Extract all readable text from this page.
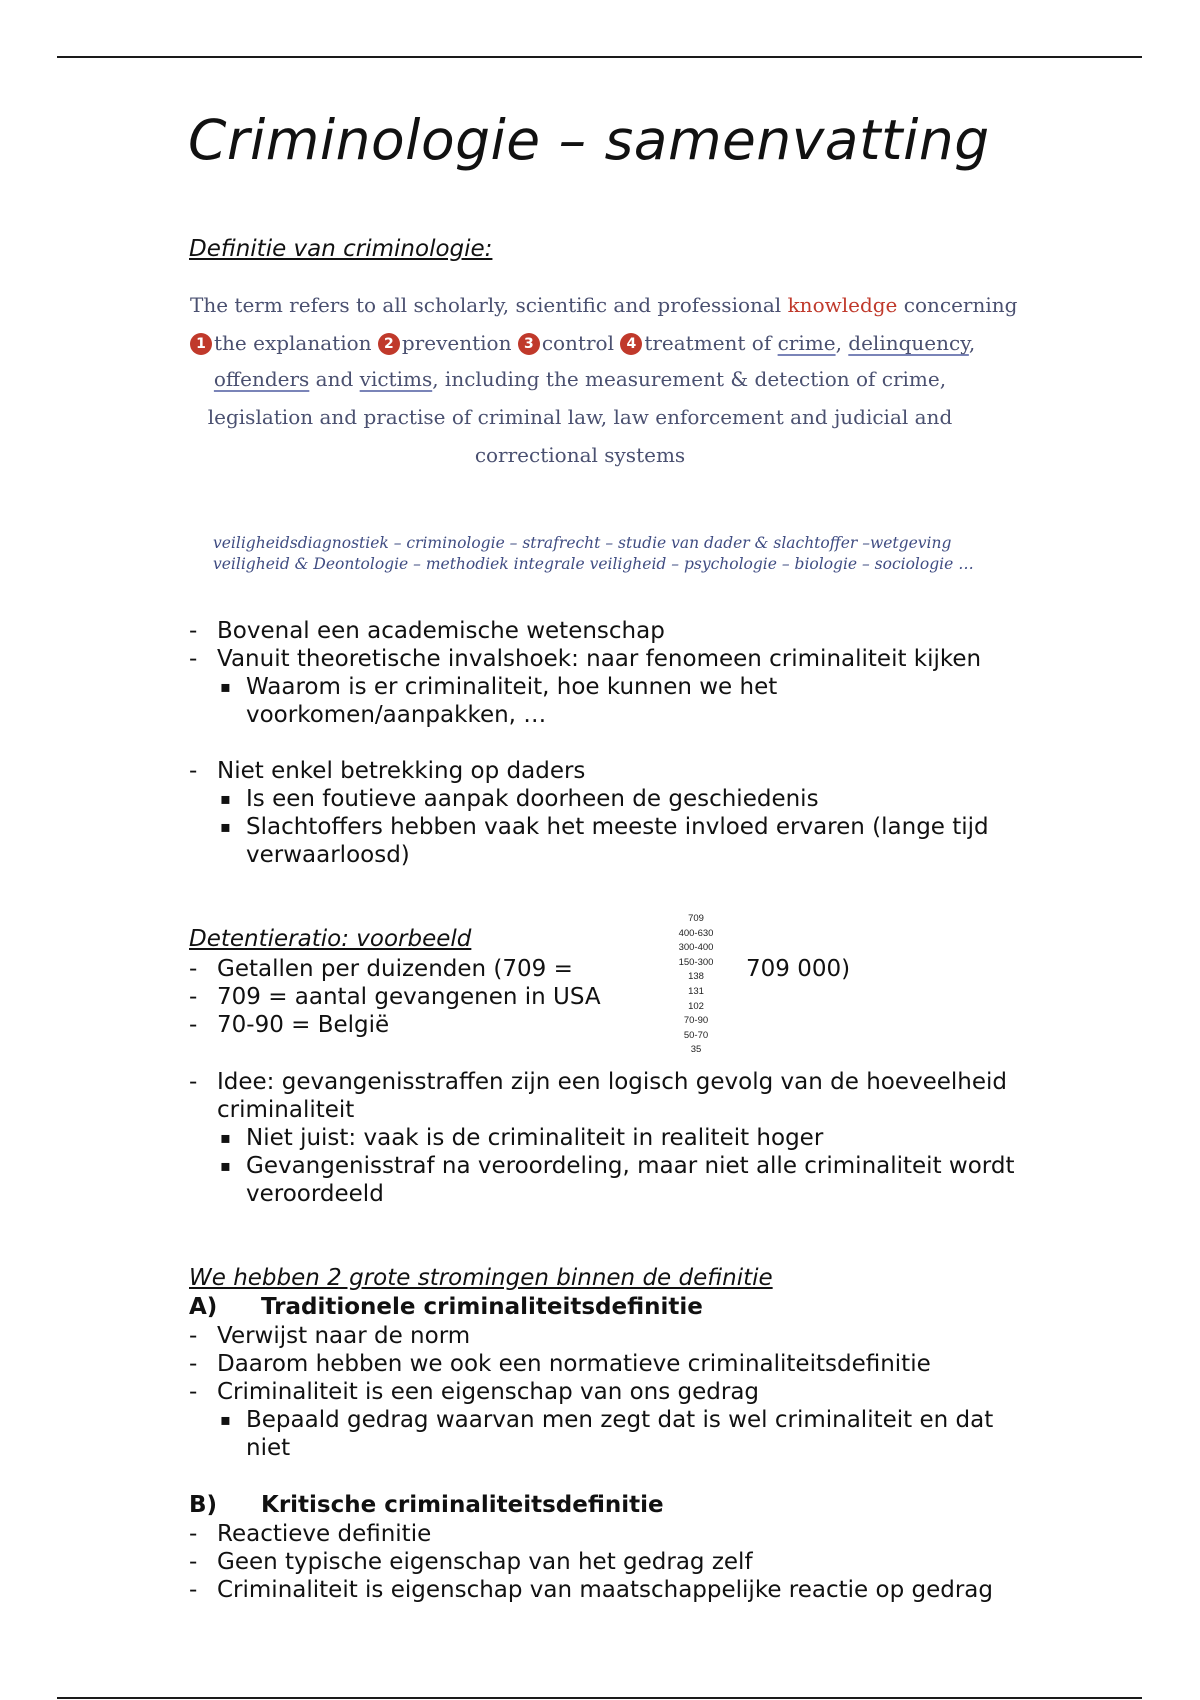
Criminologie – samenvatting
Definitie van criminologie:
The term refers to all scholarly, scientific and professional knowledge concerning
1 the explanation 2 prevention 3 control 4 treatment of crime, delinquency,
offenders and victims, including the measurement & detection of crime,
legislation and practise of criminal law, law enforcement and judicial and
correctional systems
veiligheidsdiagnostiek – criminologie – strafrecht – studie van dader & slachtoffer –wetgeving
veiligheid & Deontologie – methodiek integrale veiligheid – psychologie – biologie – sociologie …
- Bovenal een academische wetenschap
- Vanuit theoretische invalshoek: naar fenomeen criminaliteit kijken
▪ Waarom is er criminaliteit, hoe kunnen we het
voorkomen/aanpakken, …
- Niet enkel betrekking op daders
▪ Is een foutieve aanpak doorheen de geschiedenis
▪ Slachtoffers hebben vaak het meeste invloed ervaren (lange tijd
verwaarloosd)
Detentieratio: voorbeeld
- Getallen per duizenden (709 =	709 000)
- 709 = aantal gevangenen in USA
- 70-90 = België
709
400-630
300-400
150-300
138
131
102
70-90
50-70
35
- Idee: gevangenisstraffen zijn een logisch gevolg van de hoeveelheid
criminaliteit
▪ Niet juist: vaak is de criminaliteit in realiteit hoger
▪ Gevangenisstraf na veroordeling, maar niet alle criminaliteit wordt
veroordeeld
We hebben 2 grote stromingen binnen de definitie
A) Traditionele criminaliteitsdefinitie
- Verwijst naar de norm
- Daarom hebben we ook een normatieve criminaliteitsdefinitie
- Criminaliteit is een eigenschap van ons gedrag
▪ Bepaald gedrag waarvan men zegt dat is wel criminaliteit en dat
niet
B) Kritische criminaliteitsdefinitie
- Reactieve definitie
- Geen typische eigenschap van het gedrag zelf
- Criminaliteit is eigenschap van maatschappelijke reactie op gedrag
